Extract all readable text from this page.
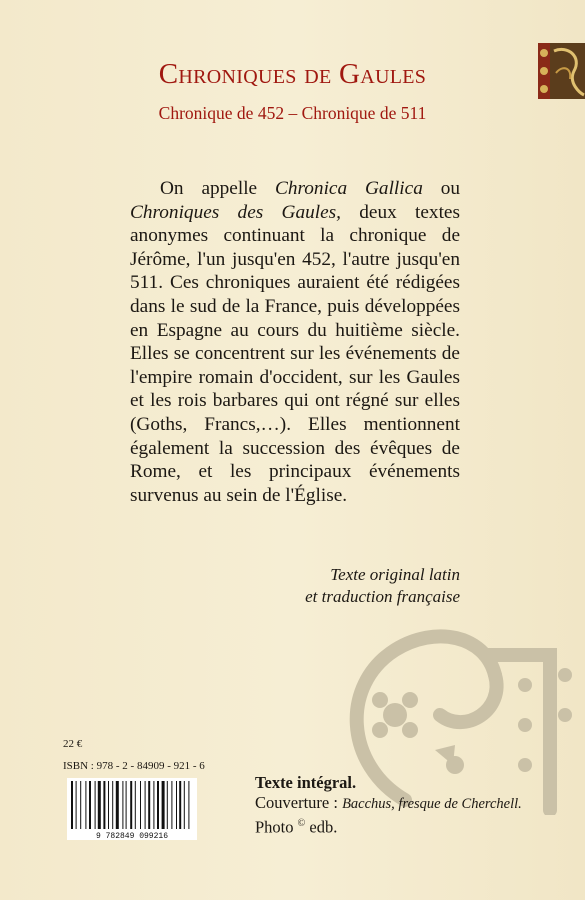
Chroniques de Gaules
Chronique de 452 – Chronique de 511

On appelle Chronica Gallica ou Chroniques des Gaules, deux textes anonymes continuant la chronique de Jérôme, l'un jusqu'en 452, l'autre jusqu'en 511. Ces chroniques auraient été rédigées dans le sud de la France, puis développées en Espagne au cours du huitième siècle. Elles se concentrent sur les événements de l'empire romain d'occident, sur les Gaules et les rois barbares qui ont régné sur elles (Goths, Francs,…). Elles mentionnent également la succession des évêques de Rome, et les principaux événements survenus au sein de l'Église.

Texte original latin
et traduction française
22 €
ISBN : 978 - 2 - 84909 - 921 - 6
9 782849 099216
Texte intégral.
Couverture : Bacchus, fresque de Cherchell.
Photo © edb.
